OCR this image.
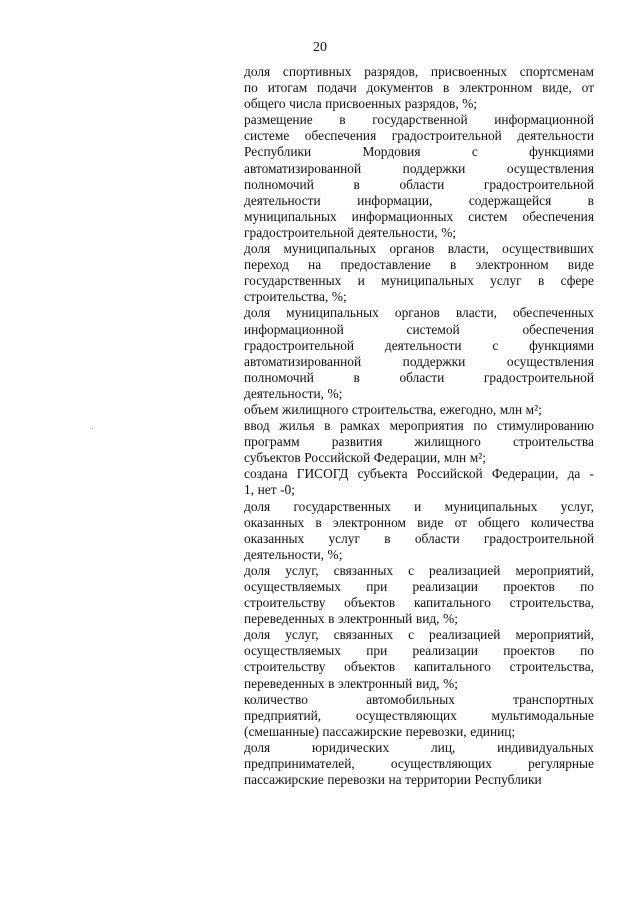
20
доля спортивных разрядов, присвоенных спортсменам
по итогам подачи документов в электронном виде, от
общего числа присвоенных разрядов, %;
размещение в государственной информационной
системе обеспечения градостроительной деятельности
Республики Мордовия с функциями
автоматизированной поддержки осуществления
полномочий в области градостроительной
деятельности информации, содержащейся в
муниципальных информационных систем обеспечения
градостроительной деятельности, %;
доля муниципальных органов власти, осуществивших
переход на предоставление в электронном виде
государственных и муниципальных услуг в сфере
строительства, %;
доля муниципальных органов власти, обеспеченных
информационной системой обеспечения
градостроительной деятельности с функциями
автоматизированной поддержки осуществления
полномочий в области градостроительной
деятельности, %;
объем жилищного строительства, ежегодно, млн м²;
ввод жилья в рамках мероприятия по стимулированию
программ развития жилищного строительства
субъектов Российской Федерации, млн м²;
создана ГИСОГД субъекта Российской Федерации, да -
1, нет -0;
доля государственных и муниципальных услуг,
оказанных в электронном виде от общего количества
оказанных услуг в области градостроительной
деятельности, %;
доля услуг, связанных с реализацией мероприятий,
осуществляемых при реализации проектов по
строительству объектов капитального строительства,
переведенных в электронный вид, %;
доля услуг, связанных с реализацией мероприятий,
осуществляемых при реализации проектов по
строительству объектов капитального строительства,
переведенных в электронный вид, %;
количество автомобильных транспортных
предприятий, осуществляющих мультимодальные
(смешанные) пассажирские перевозки, единиц;
доля юридических лиц, индивидуальных
предпринимателей, осуществляющих регулярные
пассажирские перевозки на территории Республики
